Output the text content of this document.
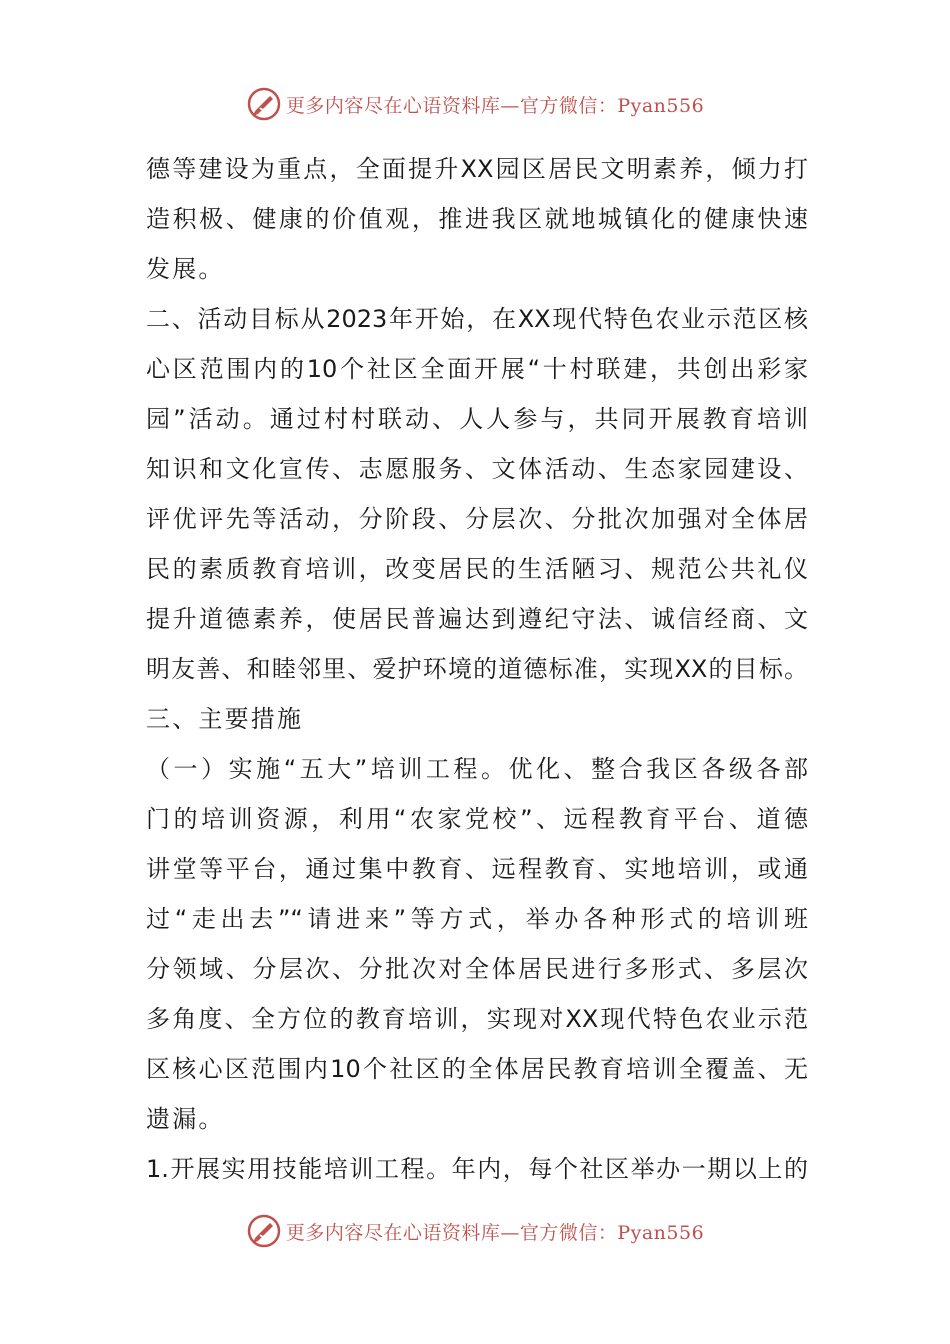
更多内容尽在心语资料库—官方微信：Pyan556
德等建设为重点，全面提升XX园区居民文明素养，倾力打
造积极、健康的价值观，推进我区就地城镇化的健康快速
发展。
二、活动目标从2023年开始，在XX现代特色农业示范区核
心区范围内的10个社区全面开展“十村联建，共创出彩家
园”活动。通过村村联动、人人参与，共同开展教育培训
知识和文化宣传、志愿服务、文体活动、生态家园建设、
评优评先等活动，分阶段、分层次、分批次加强对全体居
民的素质教育培训，改变居民的生活陋习、规范公共礼仪
提升道德素养，使居民普遍达到遵纪守法、诚信经商、文
明友善、和睦邻里、爱护环境的道德标准，实现XX的目标。
三、主要措施
（一）实施“五大”培训工程。优化、整合我区各级各部
门的培训资源，利用“农家党校”、远程教育平台、道德
讲堂等平台，通过集中教育、远程教育、实地培训，或通
过“走出去”“请进来”等方式，举办各种形式的培训班
分领域、分层次、分批次对全体居民进行多形式、多层次
多角度、全方位的教育培训，实现对XX现代特色农业示范
区核心区范围内10个社区的全体居民教育培训全覆盖、无
遗漏。
1.开展实用技能培训工程。年内，每个社区举办一期以上的
更多内容尽在心语资料库—官方微信：Pyan556
